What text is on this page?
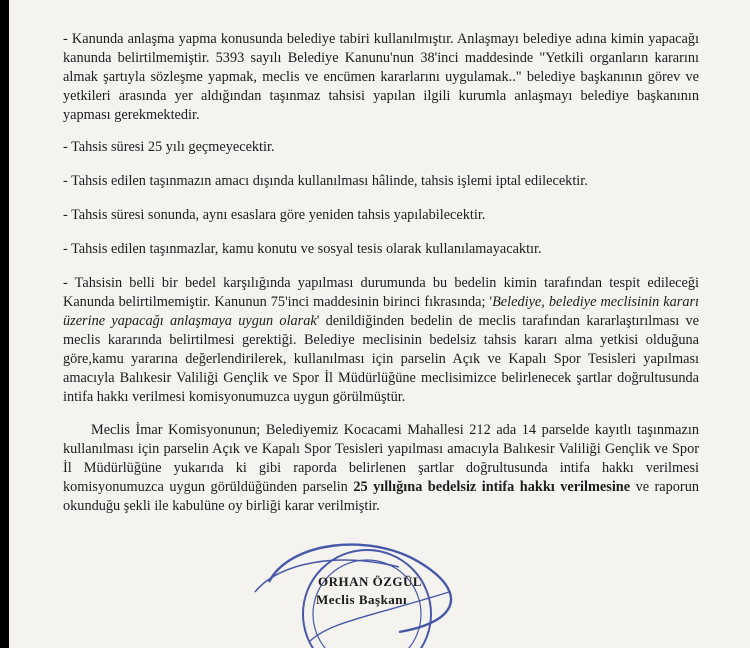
- Kanunda anlaşma yapma konusunda belediye tabiri kullanılmıştır. Anlaşmayı belediye adına kimin yapacağı kanunda belirtilmemiştir. 5393 sayılı Belediye Kanunu'nun 38'inci maddesinde "Yetkili organların kararını almak şartıyla sözleşme yapmak, meclis ve encümen kararlarını uygulamak.." belediye başkanının görev ve yetkileri arasında yer aldığından taşınmaz tahsisi yapılan ilgili kurumla anlaşmayı belediye başkanının yapması gerekmektedir.

- Tahsis süresi 25 yılı geçmeyecektir.

- Tahsis edilen taşınmazın amacı dışında kullanılması hâlinde, tahsis işlemi iptal edilecektir.

- Tahsis süresi sonunda, aynı esaslara göre yeniden tahsis yapılabilecektir.

- Tahsis edilen taşınmazlar, kamu konutu ve sosyal tesis olarak kullanılamayacaktır.

- Tahsisin belli bir bedel karşılığında yapılması durumunda bu bedelin kimin tarafından tespit edileceği Kanunda belirtilmemiştir. Kanunun 75'inci maddesinin birinci fıkrasında; 'Belediye, belediye meclisinin kararı üzerine yapacağı anlaşmaya uygun olarak' denildiğinden bedelin de meclis tarafından kararlaştırılması ve meclis kararında belirtilmesi gerektiği. Belediye meclisinin bedelsiz tahsis kararı alma yetkisi olduğuna göre,kamu yararına değerlendirilerek, kullanılması için parselin Açık ve Kapalı Spor Tesisleri yapılması amacıyla Balıkesir Valiliği Gençlik ve Spor İl Müdürlüğüne meclisimizce belirlenecek şartlar doğrultusunda intifa hakkı verilmesi komisyonumuzca uygun görülmüştür.

Meclis İmar Komisyonunun; Belediyemiz Kocacami Mahallesi 212 ada 14 parselde kayıtlı taşınmazın kullanılması için parselin Açık ve Kapalı Spor Tesisleri yapılması amacıyla Balıkesir Valiliği Gençlik ve Spor İl Müdürlüğüne yukarıda ki gibi raporda belirlenen şartlar doğrultusunda intifa hakkı verilmesi komisyonumuzca uygun görüldüğünden parselin 25 yıllığına bedelsiz intifa hakkı verilmesine ve raporun okunduğu şekli ile kabulüne oy birliği karar verilmiştir.

ORHAN ÖZGÜL
Meclis Başkanı
